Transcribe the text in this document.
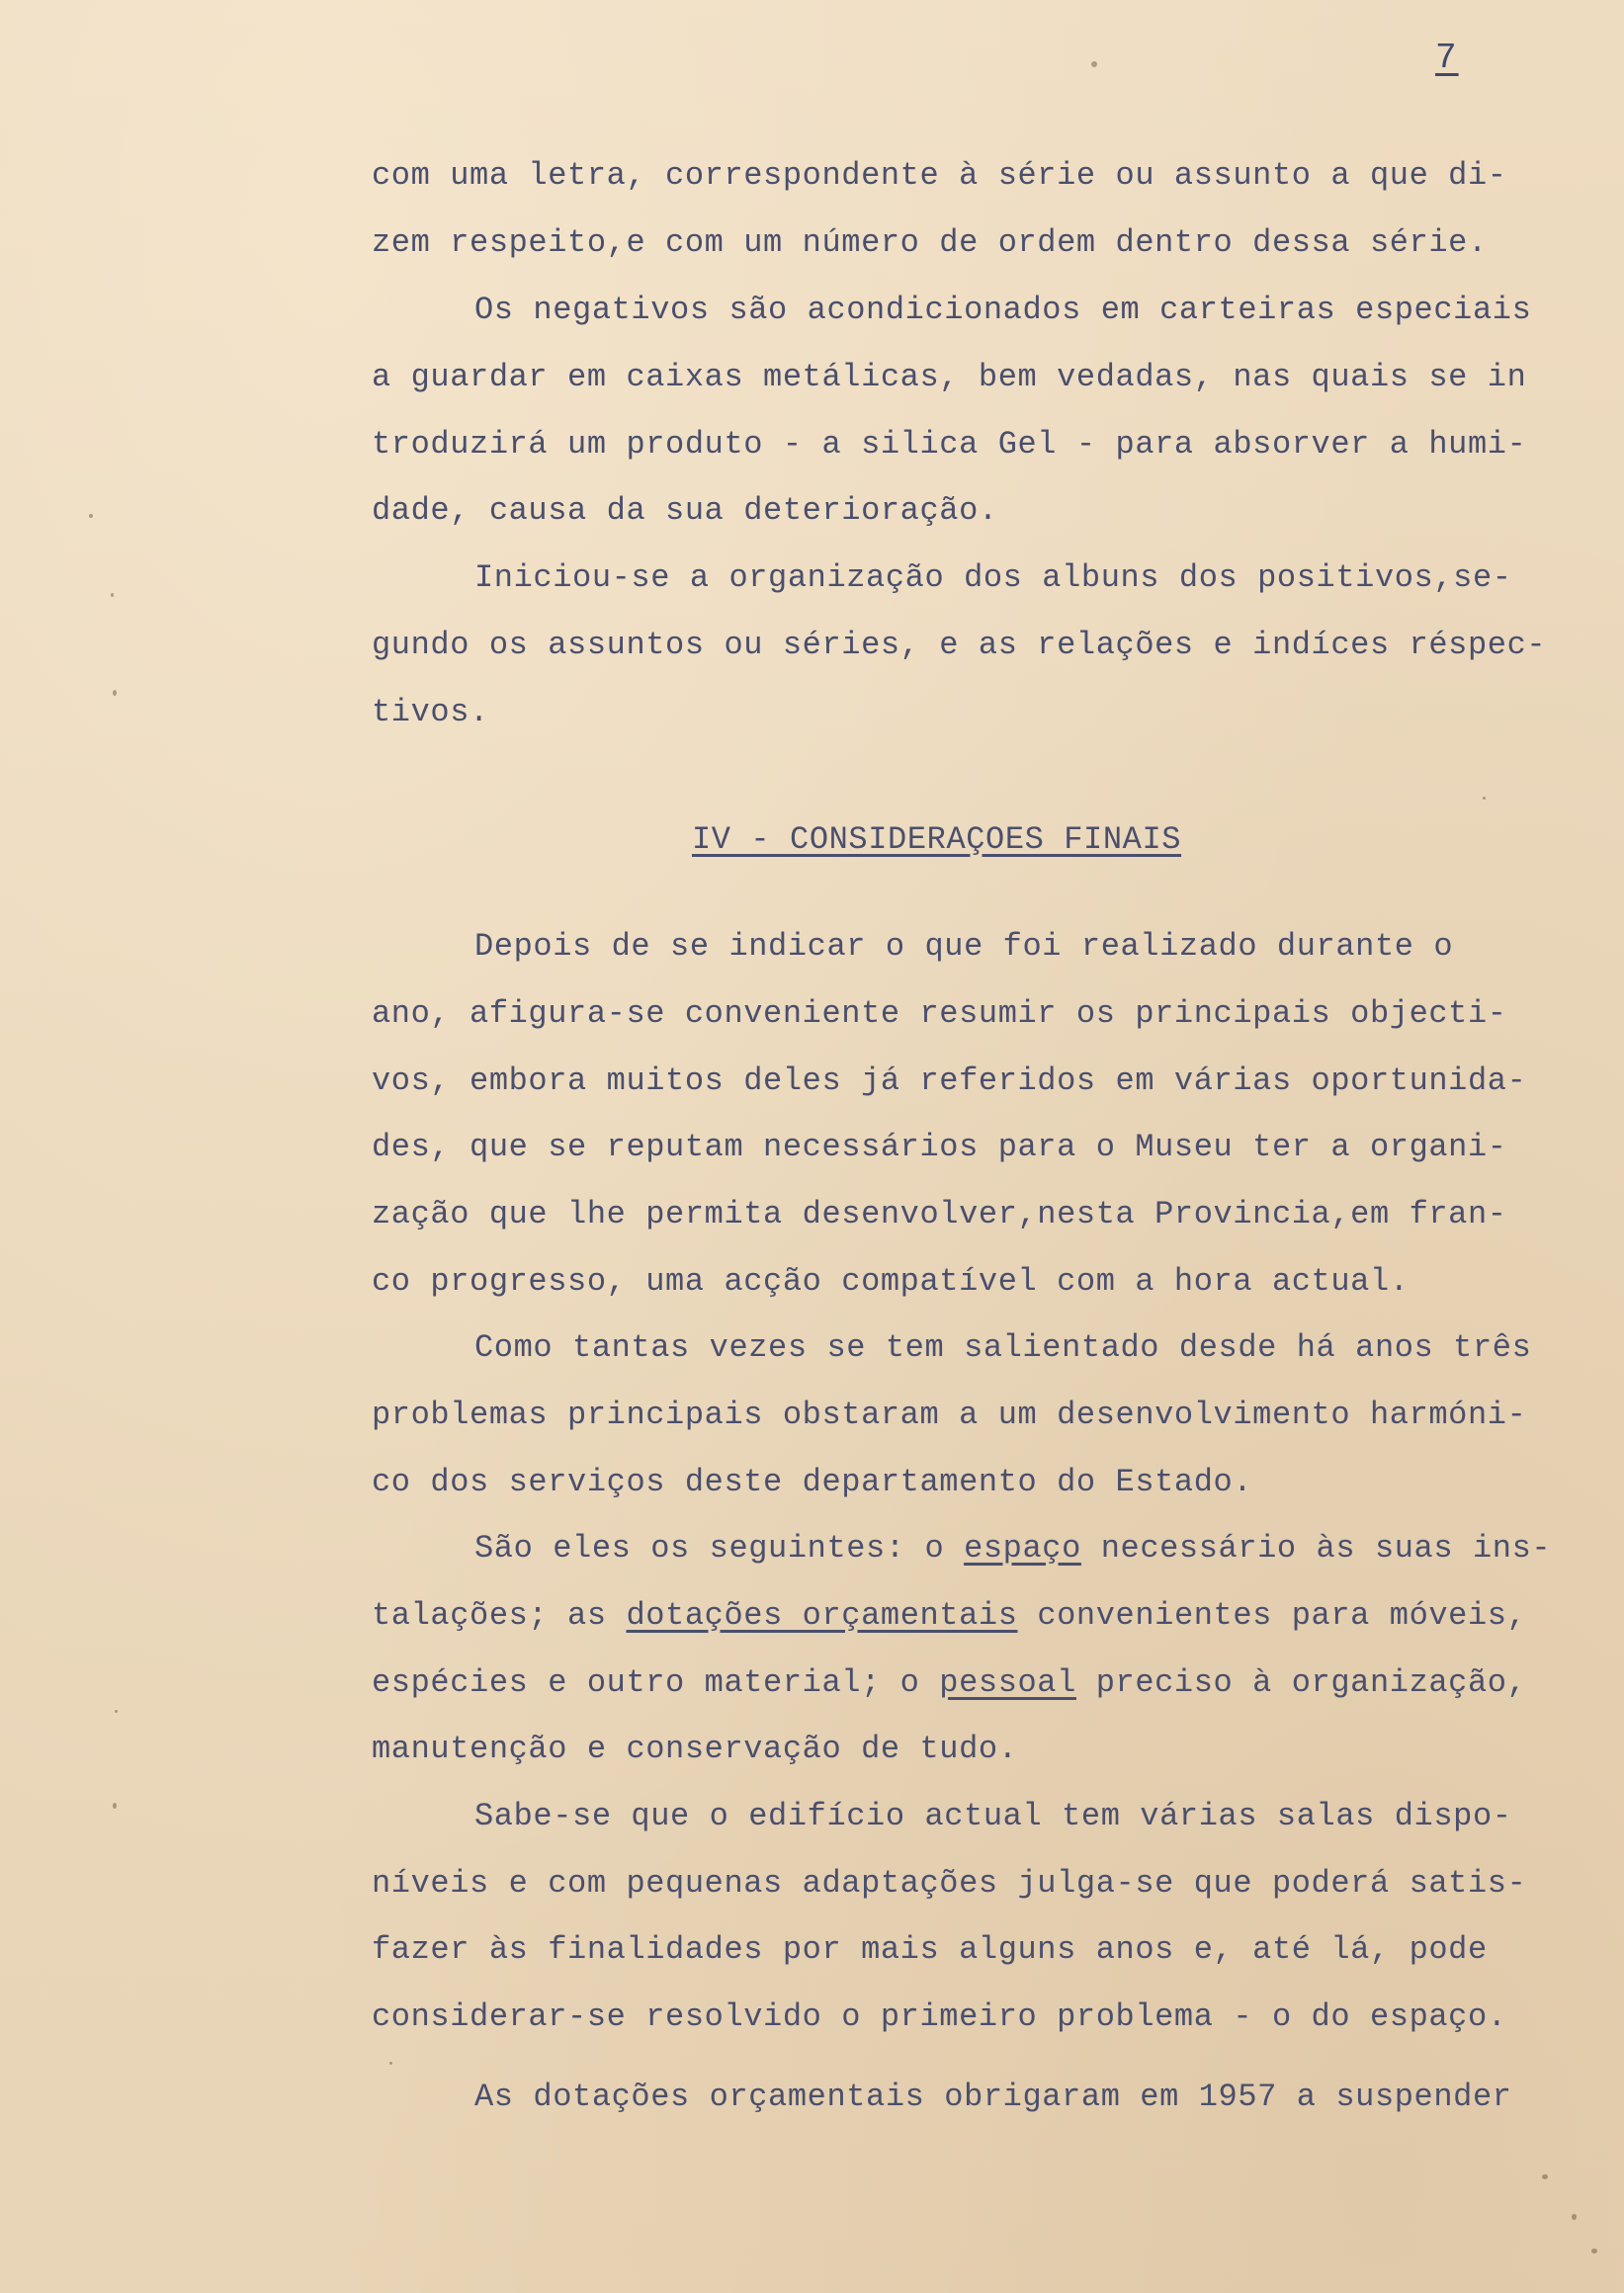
7
com uma letra, correspondente à série ou assunto a que di-
zem respeito,e com um número de ordem dentro dessa série.
Os negativos são acondicionados em carteiras especiais
a guardar em caixas metálicas, bem vedadas, nas quais se in
troduzirá um produto - a silica Gel - para absorver a humi-
dade, causa da sua deterioração.
Iniciou-se a organização dos albuns dos positivos,se-
gundo os assuntos ou séries, e as relações e indíces réspec-
tivos.
IV - CONSIDERAÇOES FINAIS
Depois de se indicar o que foi realizado durante o
ano, afigura-se conveniente resumir os principais objecti-
vos, embora muitos deles já referidos em várias oportunida-
des, que se reputam necessários para o Museu ter a organi-
zação que lhe permita desenvolver,nesta Provincia,em fran-
co progresso, uma acção compatível com a hora actual.
Como tantas vezes se tem salientado desde há anos três
problemas principais obstaram a um desenvolvimento harmóni-
co dos serviços deste departamento do Estado.
São eles os seguintes: o espaço necessário às suas ins-
talações; as dotações orçamentais convenientes para móveis,
espécies e outro material; o pessoal preciso à organização,
manutenção e conservação de tudo.
Sabe-se que o edifício actual tem várias salas dispo-
níveis e com pequenas adaptações julga-se que poderá satis-
fazer às finalidades por mais alguns anos e, até lá, pode
considerar-se resolvido o primeiro problema - o do espaço.
As dotações orçamentais obrigaram em 1957 a suspender
